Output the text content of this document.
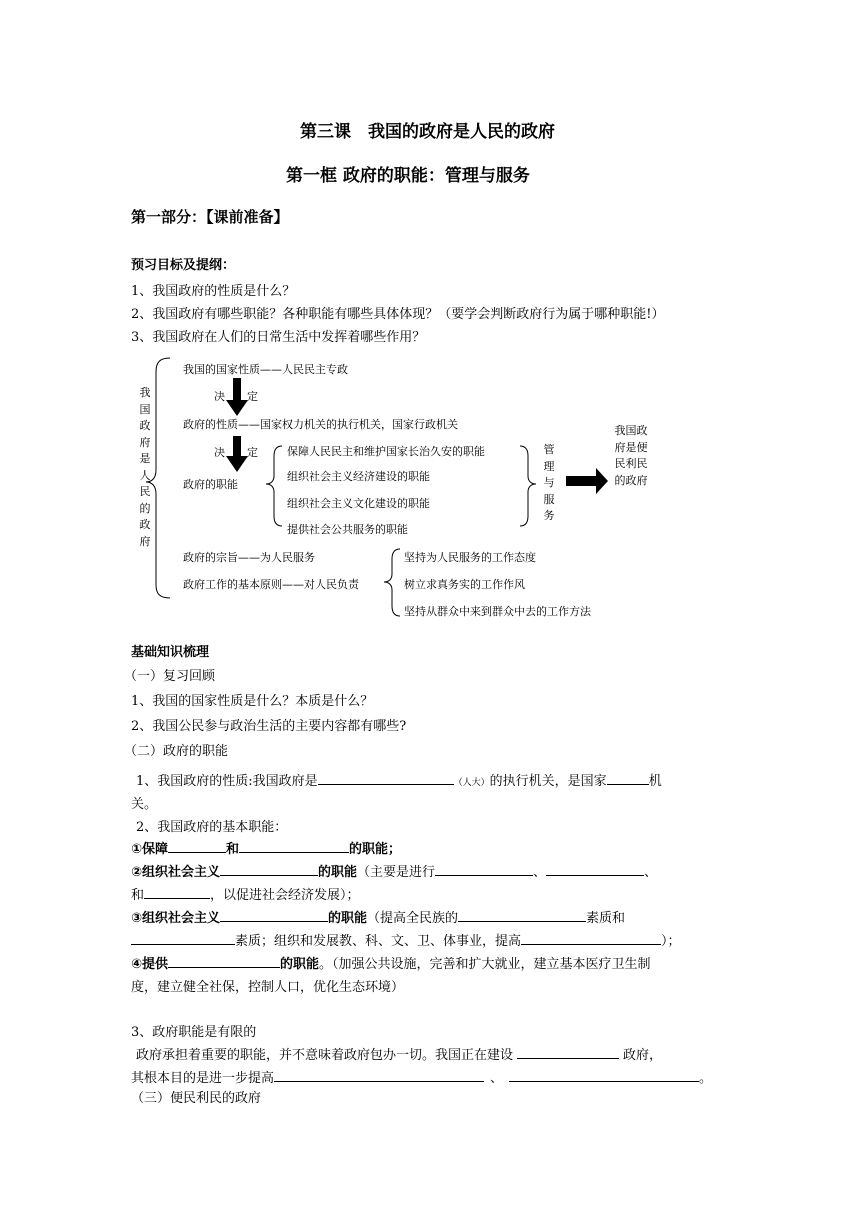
第三课　我国的政府是人民的政府
第一框 政府的职能：管理与服务
第一部分：【课前准备】
预习目标及提纲：
1、我国政府的性质是什么？
2、我国政府有哪些职能？各种职能有哪些具体体现？（要学会判断政府行为属于哪种职能!）
3、我国政府在人们的日常生活中发挥着哪些作用？
我国政府是人民的政府
我国的国家性质——人民民主专政
决 定
政府的性质——国家权力机关的执行机关，国家行政机关
决 定
政府的职能
保障人民民主和维护国家长治久安的职能
组织社会主义经济建设的职能
组织社会主义文化建设的职能
提供社会公共服务的职能
管理与服务
我国政府是便民利民的政府
政府的宗旨——为人民服务
政府工作的基本原则——对人民负责
坚持为人民服务的工作态度
树立求真务实的工作作风
坚持从群众中来到群众中去的工作方法
基础知识梳理
（一）复习回顾
1、我国的国家性质是什么？本质是什么？
2、我国公民参与政治生活的主要内容都有哪些?
（二）政府的职能
1、我国政府的性质:我国政府是	（人大）的执行机关，是国家	机
关。
2、我国政府的基本职能：
①保障	和	的职能；
②组织社会主义	的职能（主要是进行	、	、
和	，以促进社会经济发展）；
③组织社会主义	的职能（提高全民族的	素质和
素质；组织和发展教、科、文、卫、体事业，提高	）；
④提供	的职能。（加强公共设施，完善和扩大就业，建立基本医疗卫生制
度，建立健全社保，控制人口，优化生态环境）
3、政府职能是有限的
政府承担着重要的职能，并不意味着政府包办一切。我国正在建设	政府，
其根本目的是进一步提高	、	。
（三）便民利民的政府
